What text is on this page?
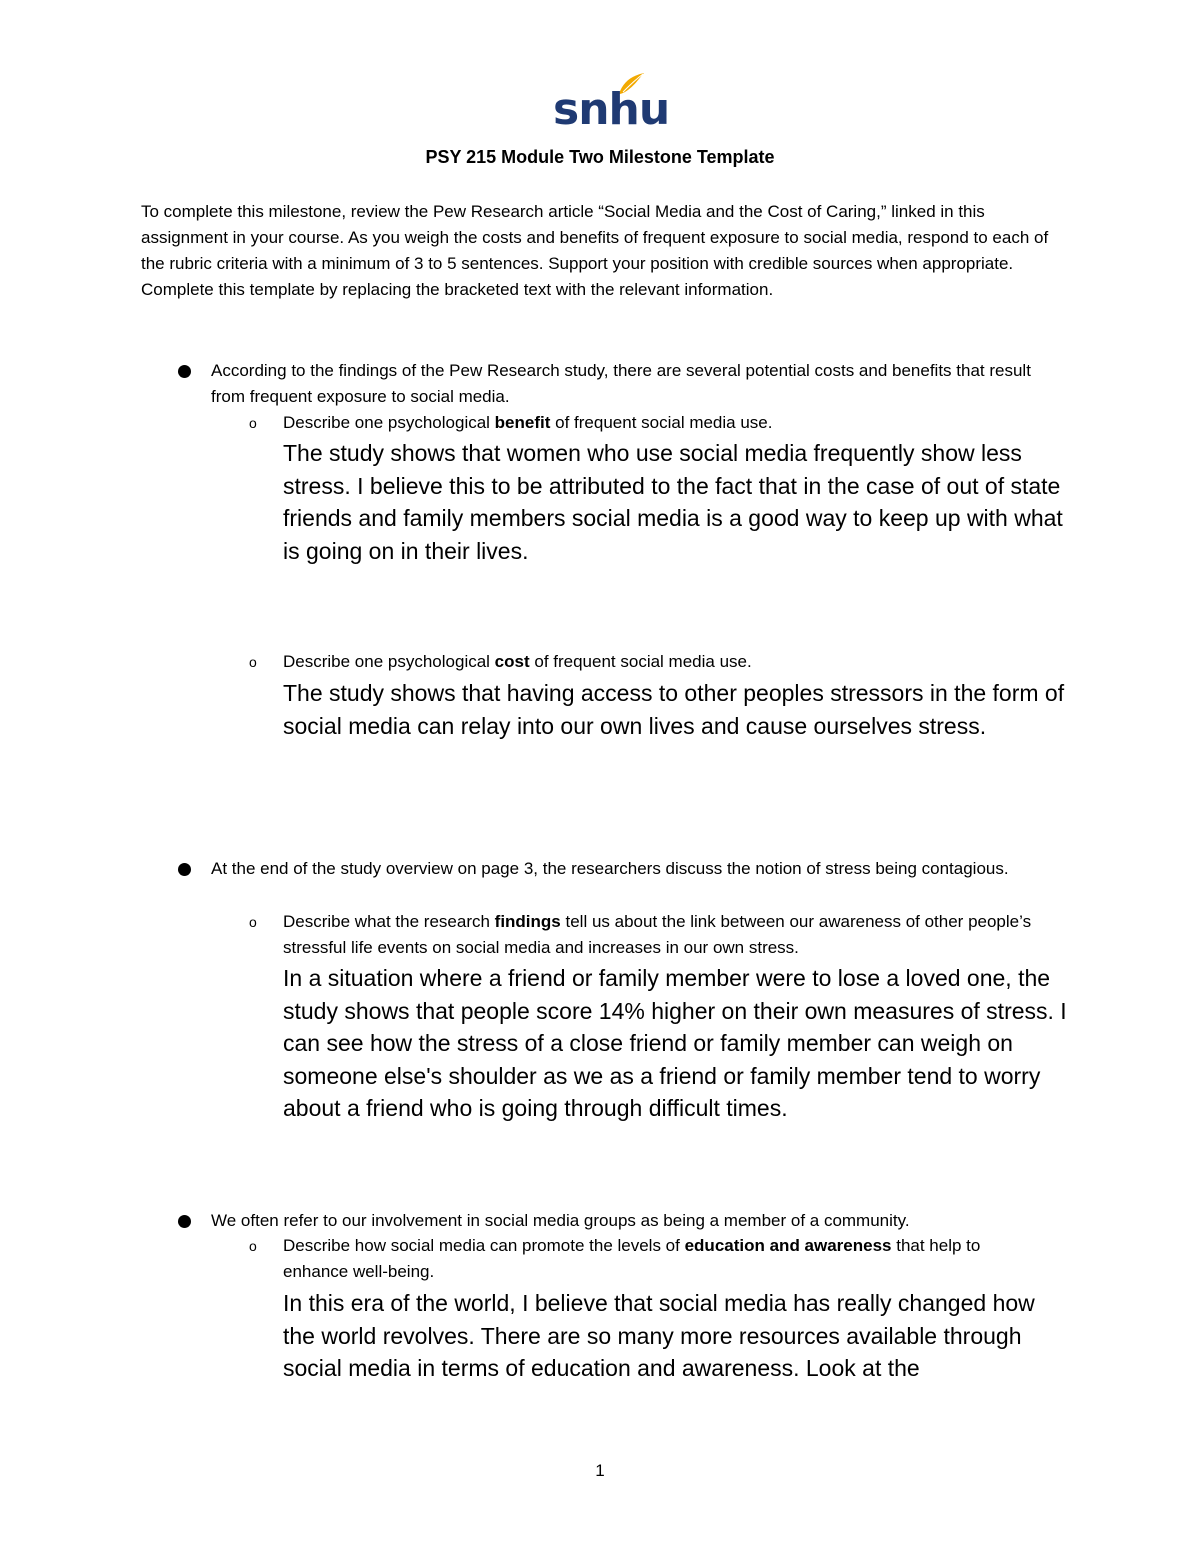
snhu
PSY 215 Module Two Milestone Template
To complete this milestone, review the Pew Research article “Social Media and the Cost of Caring,” linked in this assignment in your course. As you weigh the costs and benefits of frequent exposure to social media, respond to each of the rubric criteria with a minimum of 3 to 5 sentences. Support your position with credible sources when appropriate. Complete this template by replacing the bracketed text with the relevant information.
According to the findings of the Pew Research study, there are several potential costs and benefits that result from frequent exposure to social media.
o Describe one psychological benefit of frequent social media use.
The study shows that women who use social media frequently show less stress. I believe this to be attributed to the fact that in the case of out of state friends and family members social media is a good way to keep up with what is going on in their lives.
o Describe one psychological cost of frequent social media use.
The study shows that having access to other peoples stressors in the form of social media can relay into our own lives and cause ourselves stress.
At the end of the study overview on page 3, the researchers discuss the notion of stress being contagious.
o Describe what the research findings tell us about the link between our awareness of other people’s stressful life events on social media and increases in our own stress.
In a situation where a friend or family member were to lose a loved one, the study shows that people score 14% higher on their own measures of stress. I can see how the stress of a close friend or family member can weigh on someone else's shoulder as we as a friend or family member tend to worry about a friend who is going through difficult times.
We often refer to our involvement in social media groups as being a member of a community.
o Describe how social media can promote the levels of education and awareness that help to enhance well-being.
In this era of the world, I believe that social media has really changed how the world revolves. There are so many more resources available through social media in terms of education and awareness. Look at the
1
